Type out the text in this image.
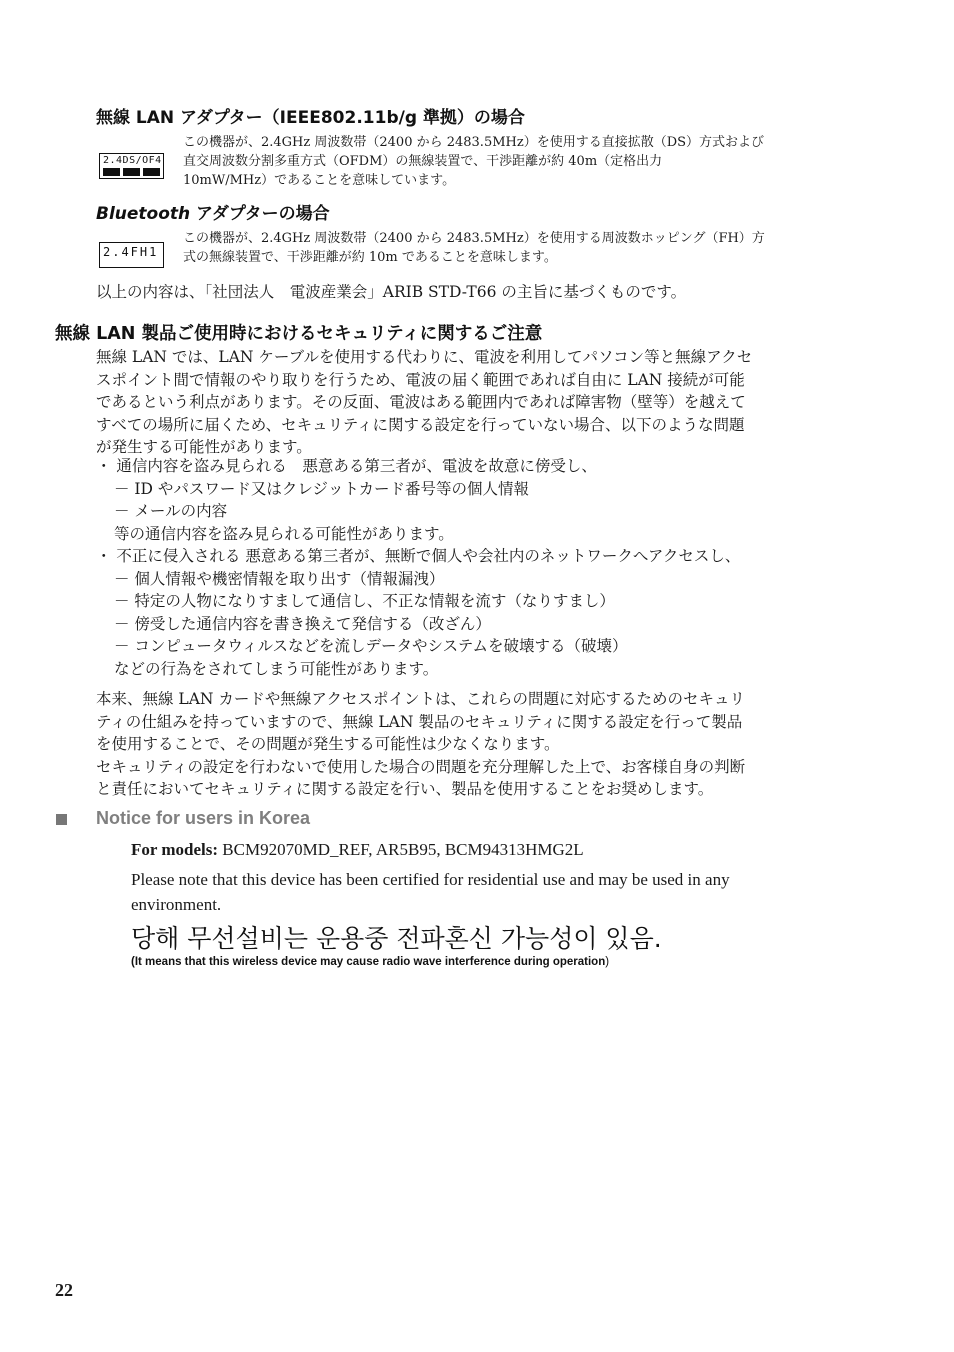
無線 LAN アダプター（IEEE802.11b/g 準拠）の場合
2.4DS/OF4
この機器が、2.4GHz 周波数帯（2400 から 2483.5MHz）を使用する直接拡散（DS）方式および
直交周波数分割多重方式（OFDM）の無線装置で、干渉距離が約 40m（定格出力
10mW/MHz）であることを意味しています。
Bluetooth アダプターの場合
2.4FH1
この機器が、2.4GHz 周波数帯（2400 から 2483.5MHz）を使用する周波数ホッピング（FH）方
式の無線装置で、干渉距離が約 10m であることを意味します。
以上の内容は、「社団法人　電波産業会」ARIB STD-T66 の主旨に基づくものです。
無線 LAN 製品ご使用時におけるセキュリティに関するご注意
無線 LAN では、LAN ケーブルを使用する代わりに、電波を利用してパソコン等と無線アクセ
スポイント間で情報のやり取りを行うため、電波の届く範囲であれば自由に LAN 接続が可能
であるという利点があります。その反面、電波はある範囲内であれば障害物（壁等）を越えて
すべての場所に届くため、セキュリティに関する設定を行っていない場合、以下のような問題
が発生する可能性があります。
・ 通信内容を盗み見られる　悪意ある第三者が、電波を故意に傍受し、
－ ID やパスワード又はクレジットカード番号等の個人情報
－ メールの内容
等の通信内容を盗み見られる可能性があります。
・ 不正に侵入される 悪意ある第三者が、無断で個人や会社内のネットワークへアクセスし、
－ 個人情報や機密情報を取り出す（情報漏洩）
－ 特定の人物になりすまして通信し、不正な情報を流す（なりすまし）
－ 傍受した通信内容を書き換えて発信する（改ざん）
－ コンピュータウィルスなどを流しデータやシステムを破壊する（破壊）
などの行為をされてしまう可能性があります。
本来、無線 LAN カードや無線アクセスポイントは、これらの問題に対応するためのセキュリ
ティの仕組みを持っていますので、無線 LAN 製品のセキュリティに関する設定を行って製品
を使用することで、その問題が発生する可能性は少なくなります。
セキュリティの設定を行わないで使用した場合の問題を充分理解した上で、お客様自身の判断
と責任においてセキュリティに関する設定を行い、製品を使用することをお奨めします。
Notice for users in Korea
For models: BCM92070MD_REF, AR5B95, BCM94313HMG2L
Please note that this device has been certified for residential use and may be used in any
environment.
당해 무선설비는 운용중 전파혼신 가능성이 있음.
(It means that this wireless device may cause radio wave interference during operation)
22
